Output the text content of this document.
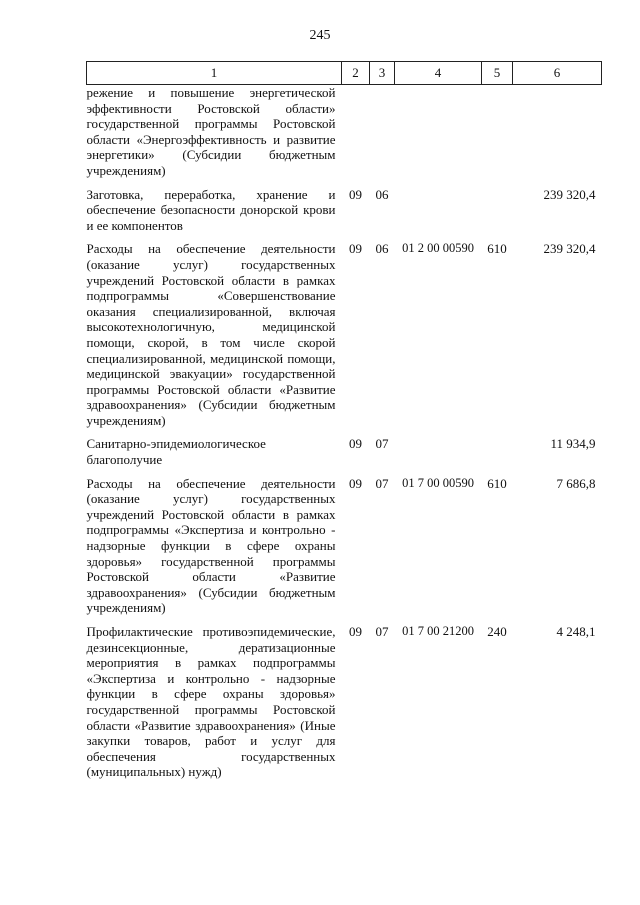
245
1	2	3	4	5	6
режение и повышение энергетической эффективности Ростовской области» государственной программы Ростовской области «Энергоэффективность и развитие энергетики» (Субсидии бюджетным учреждениям)					
Заготовка, переработка, хранение и обеспечение безопасности донорской крови и ее компонентов	09	06			239 320,4
Расходы на обеспечение деятельности (оказание услуг) государственных учреждений Ростовской области в рамках подпрограммы «Совершенствование оказания специализированной, включая высокотехнологичную, медицинской помощи, скорой, в том числе скорой специализированной, медицинской помощи, медицинской эвакуации» государственной программы Ростовской области «Развитие здравоохранения» (Субсидии бюджетным учреждениям)	09	06	01 2 00 00590	610	239 320,4
Санитарно-эпидемиологическое благополучие	09	07			11 934,9
Расходы на обеспечение деятельности (оказание услуг) государственных учреждений Ростовской области в рамках подпрограммы «Экспертиза и контрольно - надзорные функции в сфере охраны здоровья» государственной программы Ростовской области «Развитие здравоохранения» (Субсидии бюджетным учреждениям)	09	07	01 7 00 00590	610	7 686,8
Профилактические противоэпидемические, дезинсекционные, дератизационные мероприятия в рамках подпрограммы «Экспертиза и контрольно - надзорные функции в сфере охраны здоровья» государственной программы Ростовской области «Развитие здравоохранения» (Иные закупки товаров, работ и услуг для обеспечения государственных (муниципальных) нужд)	09	07	01 7 00 21200	240	4 248,1
